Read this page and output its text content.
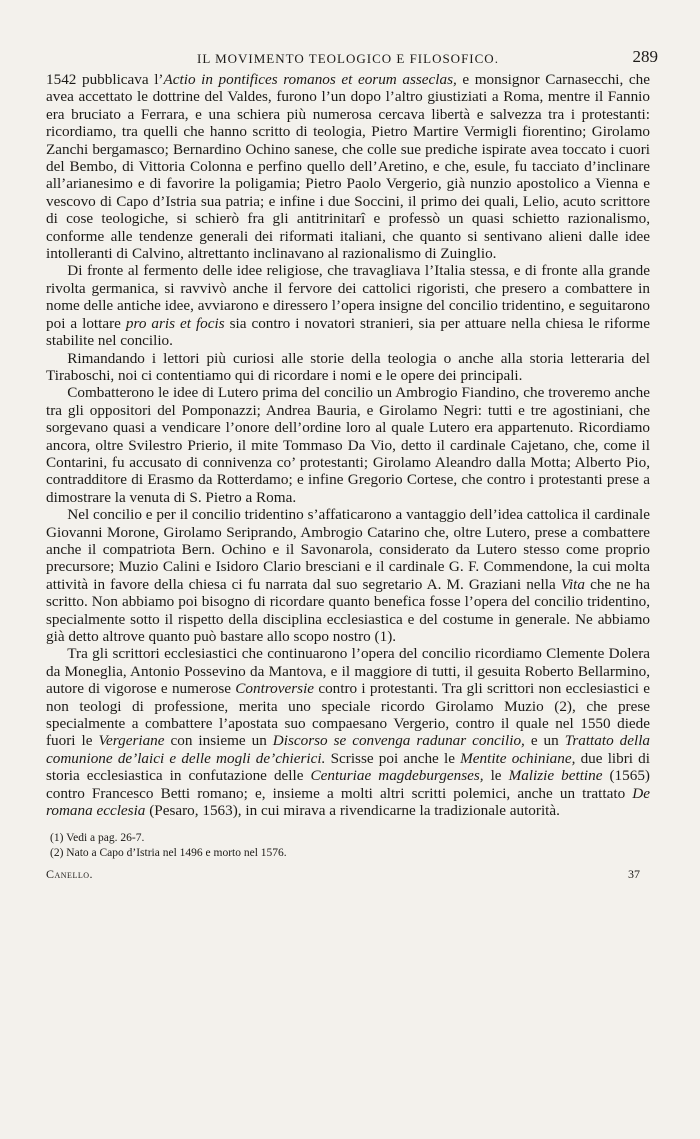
IL MOVIMENTO TEOLOGICO E FILOSOFICO.	289

1542 pubblicava l’Actio in pontifices romanos et eorum asseclas, e monsignor Carnasecchi, che avea accettato le dottrine del Valdes, furono l’un dopo l’altro giustiziati a Roma, mentre il Fannio era bruciato a Ferrara, e una schiera più numerosa cercava libertà e salvezza tra i protestanti: ricordiamo, tra quelli che hanno scritto di teologia, Pietro Martire Vermigli fiorentino; Girolamo Zanchi bergamasco; Bernardino Ochino sanese, che colle sue prediche ispirate avea toccato i cuori del Bembo, di Vittoria Colonna e perfino quello dell’Aretino, e che, esule, fu tacciato d’inclinare all’arianesimo e di favorire la poligamia; Pietro Paolo Vergerio, già nunzio apostolico a Vienna e vescovo di Capo d’Istria sua patria; e infine i due Soccini, il primo dei quali, Lelio, acuto scrittore di cose teologiche, si schierò fra gli antitrinitarî e professò un quasi schietto razionalismo, conforme alle tendenze generali dei riformati italiani, che quanto si sentivano alieni dalle idee intolleranti di Calvino, altrettanto inclinavano al razionalismo di Zuinglio.

Di fronte al fermento delle idee religiose, che travagliava l’Italia stessa, e di fronte alla grande rivolta germanica, si ravvivò anche il fervore dei cattolici rigoristi, che presero a combattere in nome delle antiche idee, avviarono e diressero l’opera insigne del concilio tridentino, e seguitarono poi a lottare pro aris et focis sia contro i novatori stranieri, sia per attuare nella chiesa le riforme stabilite nel concilio.

Rimandando i lettori più curiosi alle storie della teologia o anche alla storia letteraria del Tiraboschi, noi ci contentiamo qui di ricordare i nomi e le opere dei principali.

Combatterono le idee di Lutero prima del concilio un Ambrogio Fiandino, che troveremo anche tra gli oppositori del Pomponazzi; Andrea Bauria, e Girolamo Negri: tutti e tre agostiniani, che sorgevano quasi a vendicare l’onore dell’ordine loro al quale Lutero era appartenuto. Ricordiamo ancora, oltre Svilestro Prierio, il mite Tommaso Da Vio, detto il cardinale Cajetano, che, come il Contarini, fu accusato di connivenza co’ protestanti; Girolamo Aleandro dalla Motta; Alberto Pio, contradditore di Erasmo da Rotterdamo; e infine Gregorio Cortese, che contro i protestanti prese a dimostrare la venuta di S. Pietro a Roma.

Nel concilio e per il concilio tridentino s’affaticarono a vantaggio dell’idea cattolica il cardinale Giovanni Morone, Girolamo Seriprando, Ambrogio Catarino che, oltre Lutero, prese a combattere anche il compatriota Bern. Ochino e il Savonarola, considerato da Lutero stesso come proprio precursore; Muzio Calini e Isidoro Clario bresciani e il cardinale G. F. Commendone, la cui molta attività in favore della chiesa ci fu narrata dal suo segretario A. M. Graziani nella Vita che ne ha scritto. Non abbiamo poi bisogno di ricordare quanto benefica fosse l’opera del concilio tridentino, specialmente sotto il rispetto della disciplina ecclesiastica e del costume in generale. Ne abbiamo già detto altrove quanto può bastare allo scopo nostro (1).

Tra gli scrittori ecclesiastici che continuarono l’opera del concilio ricordiamo Clemente Dolera da Moneglia, Antonio Possevino da Mantova, e il maggiore di tutti, il gesuita Roberto Bellarmino, autore di vigorose e numerose Controversie contro i protestanti. Tra gli scrittori non ecclesiastici e non teologi di professione, merita uno speciale ricordo Girolamo Muzio (2), che prese specialmente a combattere l’apostata suo compaesano Vergerio, contro il quale nel 1550 diede fuori le Vergeriane con insieme un Discorso se convenga radunar concilio, e un Trattato della comunione de’laici e delle mogli de’chierici. Scrisse poi anche le Mentite ochiniane, due libri di storia ecclesiastica in confutazione delle Centuriae magdeburgenses, le Malizie bettine (1565) contro Francesco Betti romano; e, insieme a molti altri scritti polemici, anche un trattato De romana ecclesia (Pesaro, 1563), in cui mirava a rivendicarne la tradizionale autorità.

(1) Vedi a pag. 26-7.
(2) Nato a Capo d’Istria nel 1496 e morto nel 1576.
Canello.	37
